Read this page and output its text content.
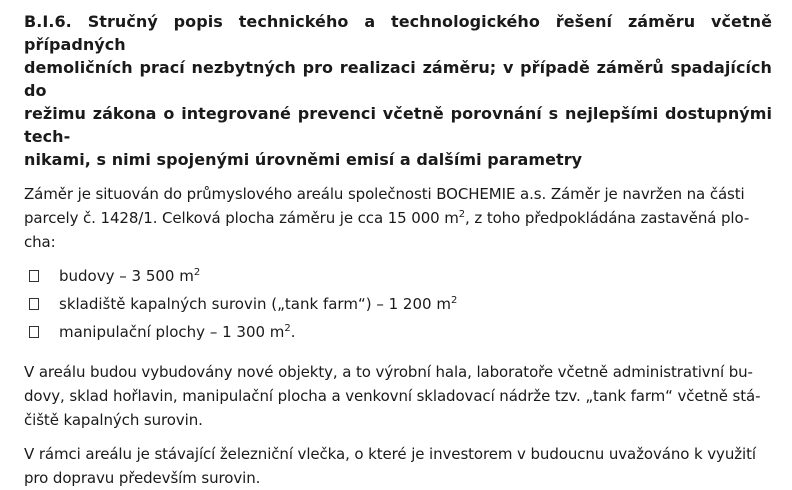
B.I.6. Stručný popis technického a technologického řešení záměru včetně případných
demoličních prací nezbytných pro realizaci záměru; v případě záměrů spadajících do
režimu zákona o integrované prevenci včetně porovnání s nejlepšími dostupnými tech-
nikami, s nimi spojenými úrovněmi emisí a dalšími parametry

Záměr je situován do průmyslového areálu společnosti BOCHEMIE a.s. Záměr je navržen na části
parcely č. 1428/1. Celková plocha záměru je cca 15 000 $m^2$, z toho předpokládána zastavěná plo-
cha:

budovy – 3 500 $m^2$
skladiště kapalných surovin („tank farm“) – 1 200 $m^2$
manipulační plochy – 1 300 $m^2$.

V areálu budou vybudovány nové objekty, a to výrobní hala, laboratoře včetně administrativní bu-
dovy, sklad hořlavin, manipulační plocha a venkovní skladovací nádrže tzv. „tank farm“ včetně stá-
čiště kapalných surovin.

V rámci areálu je stávající železniční vlečka, o které je investorem v budoucnu uvažováno k využití
pro dopravu především surovin.
